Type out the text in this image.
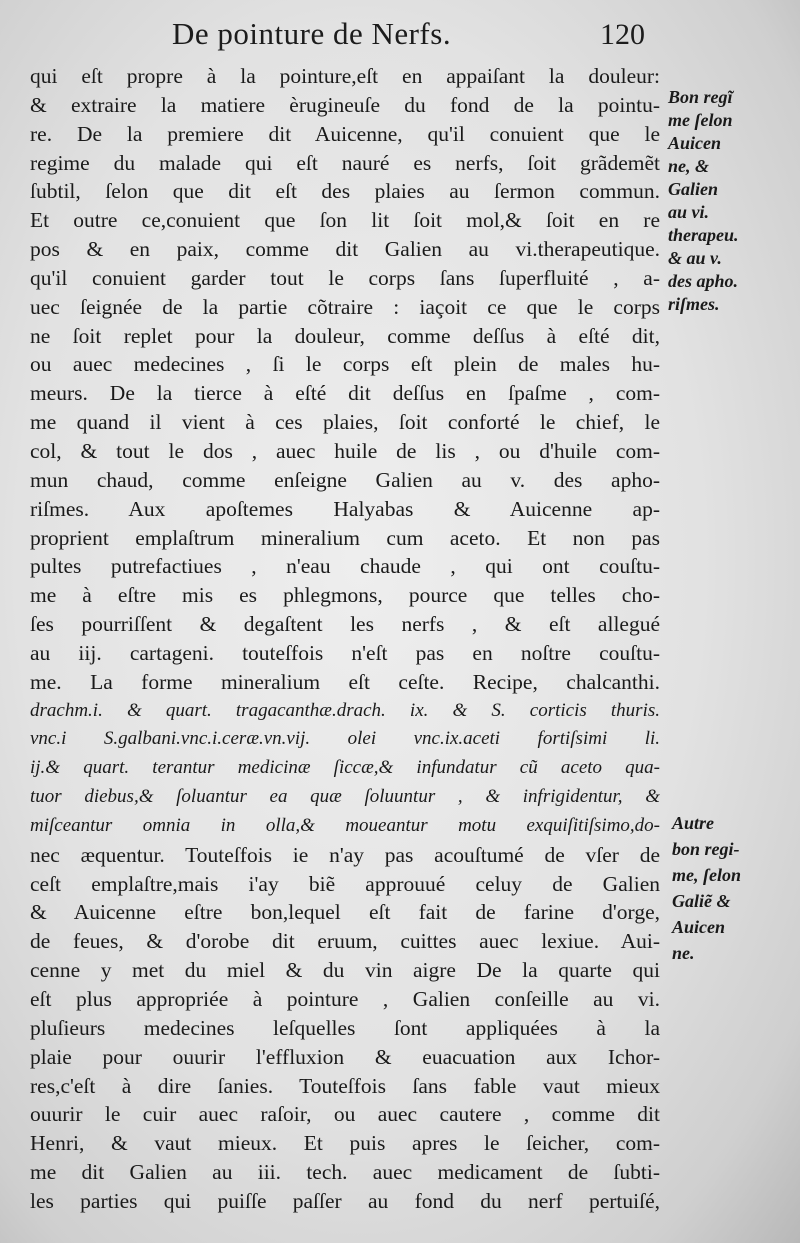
De pointure de Nerfs.	120
qui eſt propre à la pointure,eſt en appaiſant la douleur:
& extraire la matiere èrugineuſe du fond de la pointu-
re. De la premiere dit Auicenne, qu'il conuient que le
regime du malade qui eſt nauré es nerfs, ſoit grãdemẽt
ſubtil, ſelon que dit eſt des plaies au ſermon commun.
Et outre ce,conuient que ſon lit ſoit mol,& ſoit en re
pos & en paix, comme dit Galien au vi.therapeutique.
qu'il conuient garder tout le corps ſans ſuperfluité , a-
uec ſeignée de la partie cõtraire : iaçoit ce que le corps
ne ſoit replet pour la douleur, comme deſſus à eſté dit,
ou auec medecines , ſi le corps eſt plein de males hu-
meurs. De la tierce à eſté dit deſſus en ſpaſme , com-
me quand il vient à ces plaies, ſoit conforté le chief, le
col, & tout le dos , auec huile de lis , ou d'huile com-
mun chaud, comme enſeigne Galien au v. des apho-
riſmes. Aux apoſtemes Halyabas & Auicenne ap-
proprient emplaſtrum mineralium cum aceto. Et non pas
pultes putrefactiues , n'eau chaude , qui ont couſtu-
me à eſtre mis es phlegmons, pource que telles cho-
ſes pourriſſent & degaſtent les nerfs , & eſt allegué
au iij. cartageni. touteſfois n'eſt pas en noſtre couſtu-
me. La forme mineralium eſt ceſte. Recipe, chalcanthi.
drachm.i. & quart. tragacanthæ.drach. ix. & S. corticis thuris.
vnc.i S.galbani.vnc.i.ceræ.vn.vij. olei vnc.ix.aceti fortiſsimi li.
ij.& quart. terantur medicinæ ſiccæ,& infundatur cũ aceto qua-
tuor diebus,& ſoluantur ea quæ ſoluuntur , & infrigidentur, &
miſceantur omnia in olla,& moueantur motu exquiſitiſsimo,do-
nec æquentur. Touteſfois ie n'ay pas acouſtumé de vſer de
ceſt emplaſtre,mais i'ay biẽ approuué celuy de Galien
& Auicenne eſtre bon,lequel eſt fait de farine d'orge,
de feues, & d'orobe dit eruum, cuittes auec lexiue. Aui-
cenne y met du miel & du vin aigre De la quarte qui
eſt plus appropriée à pointure , Galien conſeille au vi.
pluſieurs medecines leſquelles ſont appliquées à la
plaie pour ouurir l'effluxion & euacuation aux Ichor-
res,c'eſt à dire ſanies. Touteſfois ſans fable vaut mieux
ouurir le cuir auec raſoir, ou auec cautere , comme dit
Henri, & vaut mieux. Et puis apres le ſeicher, com-
me dit Galien au iii. tech. auec medicament de ſubti-
les parties qui puiſſe paſſer au fond du nerf pertuiſé,
Bon regĩ
me ſelon
Auicen
ne, &
Galien
au vi.
therapeu.
& au v.
des apho.
riſmes.
Autre
bon regi-
me, ſelon
Galiẽ &
Auicen
ne.
